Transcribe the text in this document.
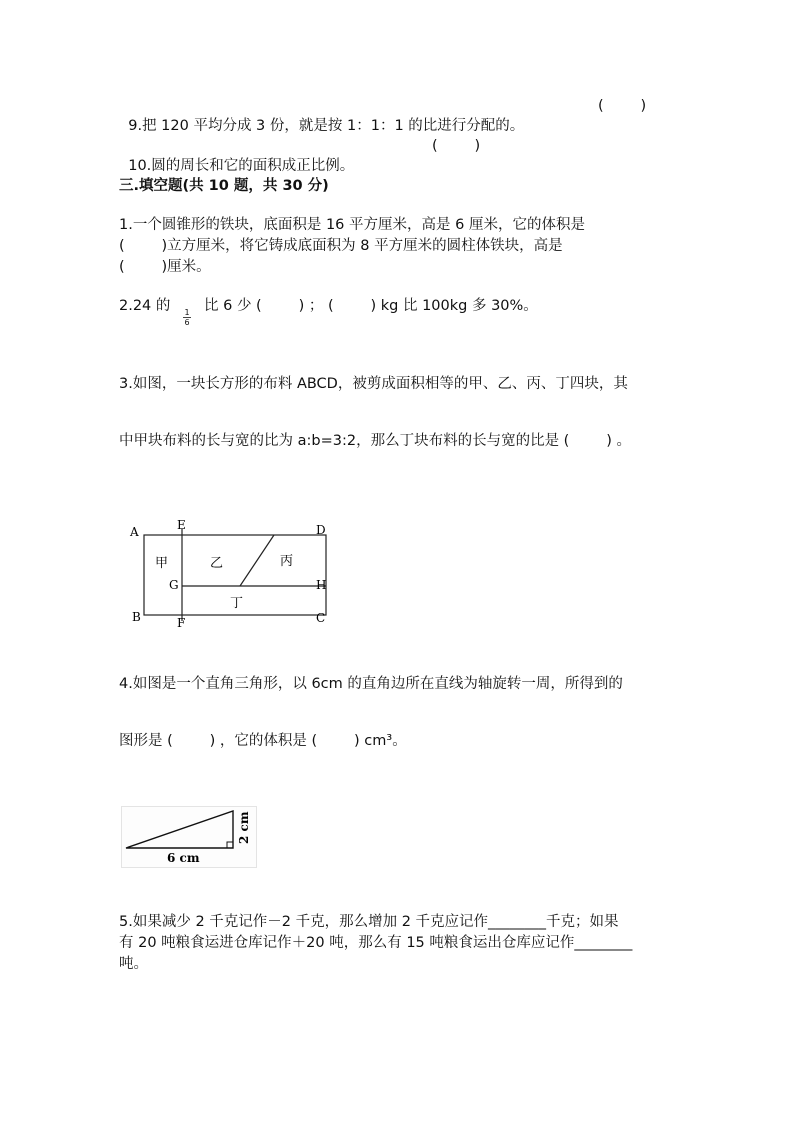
9.把 120 平均分成 3 份，就是按 1：1：1 的比进行分配的。

(        )

10.圆的周长和它的面积成正比例。

(        )
三.填空题(共 10 题，共 30 分)
1.一个圆锥形的铁块，底面积是 16 平方厘米，高是 6 厘米，它的体积是
(        )立方厘米，将它铸成底面积为 8 平方厘米的圆柱体铁块，高是
(        )厘米。
2.24 的
$\frac{1}{6}$
比 6 少 (        ) ； (        ) kg 比 100kg 多 30%。
3.如图，一块长方形的布料 ABCD，被剪成面积相等的甲、乙、丙、丁四块，其
中甲块布料的长与宽的比为 a:b=3:2，那么丁块布料的长与宽的比是 (        ) 。
A	E	D
G	H
B	F	C
甲	乙	丙
丁
4.如图是一个直角三角形，以 6cm 的直角边所在直线为轴旋转一周，所得到的
图形是 (        ) ，它的体积是 (        ) cm³。
6 cm
2 cm
5.如果减少 2 千克记作－2 千克，那么增加 2 千克应记作________千克；如果
有 20 吨粮食运进仓库记作＋20 吨，那么有 15 吨粮食运出仓库应记作________
吨。
